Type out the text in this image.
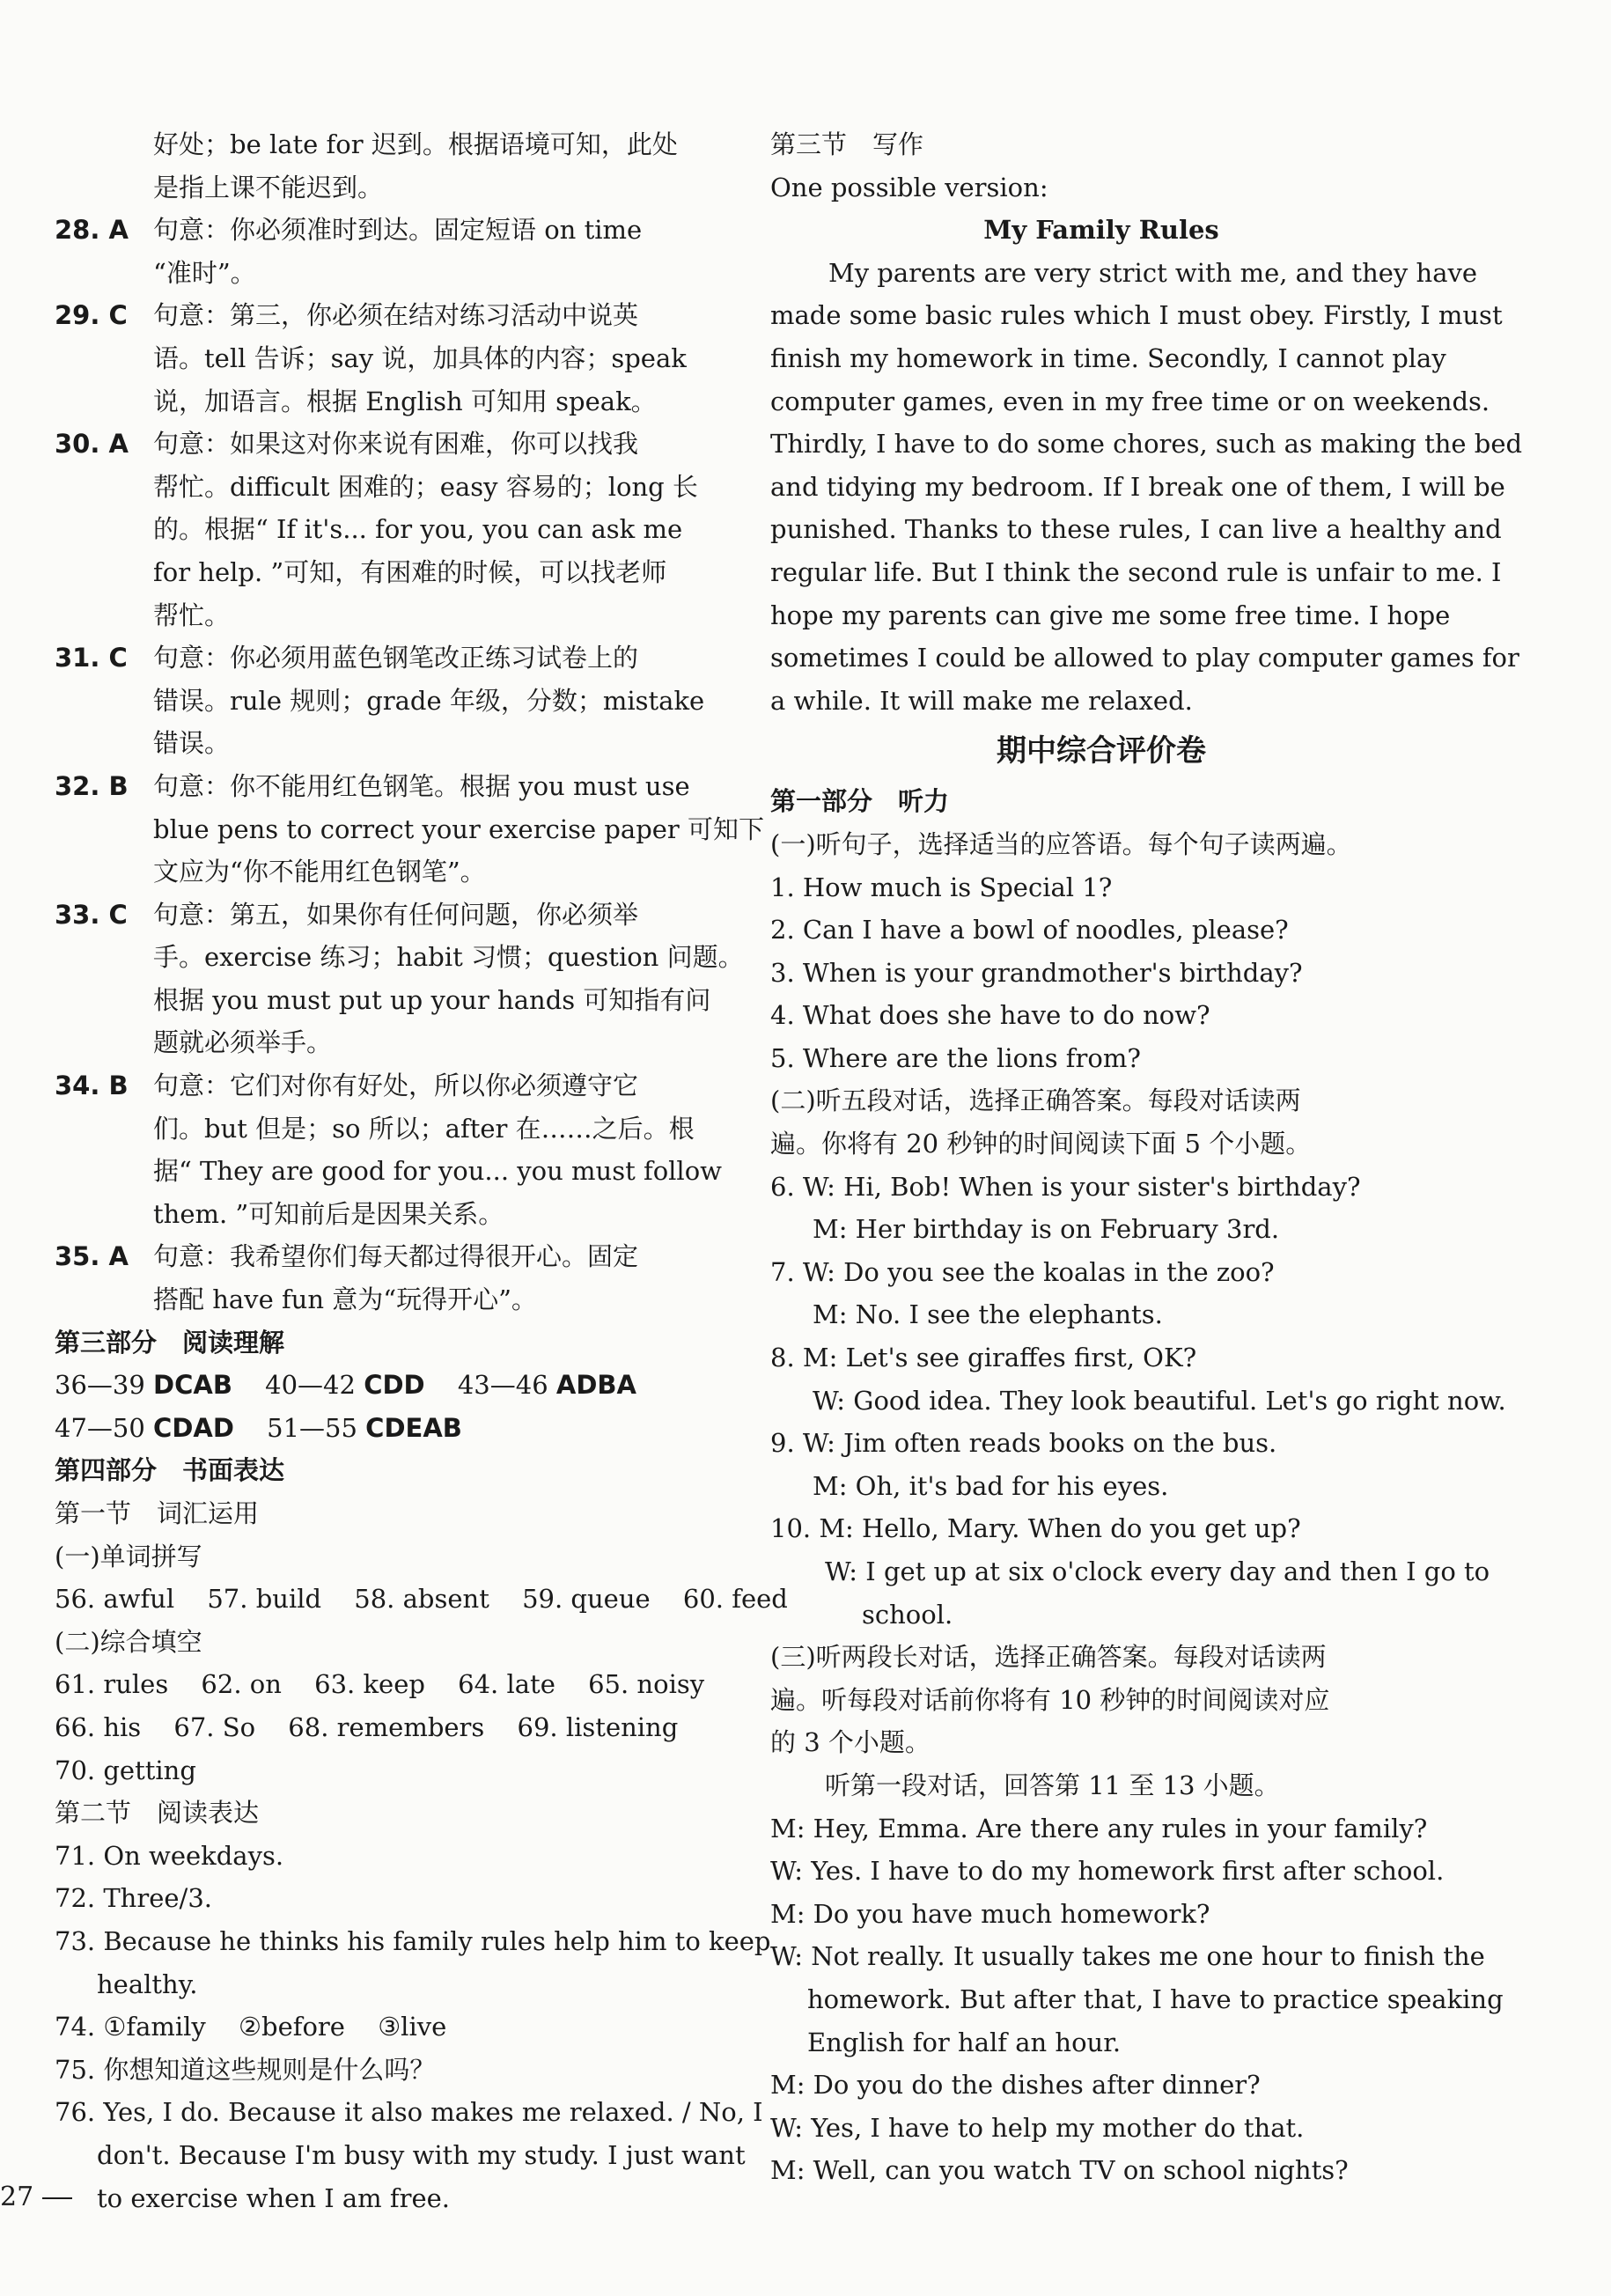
好处；be late for 迟到。根据语境可知，此处
是指上课不能迟到。
28. A 句意：你必须准时到达。固定短语 on time
“准时”。
29. C 句意：第三，你必须在结对练习活动中说英
语。tell 告诉；say 说，加具体的内容；speak
说，加语言。根据 English 可知用 speak。
30. A 句意：如果这对你来说有困难，你可以找我
帮忙。difficult 困难的；easy 容易的；long 长
的。根据“ If it's... for you, you can ask me
for help. ”可知，有困难的时候，可以找老师
帮忙。
31. C 句意：你必须用蓝色钢笔改正练习试卷上的
错误。rule 规则；grade 年级，分数；mistake
错误。
32. B 句意：你不能用红色钢笔。根据 you must use
blue pens to correct your exercise paper 可知下
文应为“你不能用红色钢笔”。
33. C 句意：第五，如果你有任何问题，你必须举
手。exercise 练习；habit 习惯；question 问题。
根据 you must put up your hands 可知指有问
题就必须举手。
34. B 句意：它们对你有好处，所以你必须遵守它
们。but 但是；so 所以；after 在……之后。根
据“ They are good for you... you must follow
them. ”可知前后是因果关系。
35. A 句意：我希望你们每天都过得很开心。固定
搭配 have fun 意为“玩得开心”。
第三部分　阅读理解
36—39 DCAB 40—42 CDD 43—46 ADBA
47—50 CDAD 51—55 CDEAB
第四部分　书面表达
第一节　词汇运用
(一)单词拼写
56. awful 57. build 58. absent 59. queue 60. feed
(二)综合填空
61. rules 62. on 63. keep 64. late 65. noisy
66. his 67. So 68. remembers 69. listening
70. getting
第二节　阅读表达
71. On weekdays.
72. Three/3.
73. Because he thinks his family rules help him to keep
healthy.
74. ①family ②before ③live
75. 你想知道这些规则是什么吗？
76. Yes, I do. Because it also makes me relaxed. / No, I
don't. Because I'm busy with my study. I just want
to exercise when I am free.
第三节　写作
One possible version:
My Family Rules
My parents are very strict with me, and they have
made some basic rules which I must obey. Firstly, I must
finish my homework in time. Secondly, I cannot play
computer games, even in my free time or on weekends.
Thirdly, I have to do some chores, such as making the bed
and tidying my bedroom. If I break one of them, I will be
punished. Thanks to these rules, I can live a healthy and
regular life. But I think the second rule is unfair to me. I
hope my parents can give me some free time. I hope
sometimes I could be allowed to play computer games for
a while. It will make me relaxed.
期中综合评价卷
第一部分　听力
(一)听句子，选择适当的应答语。每个句子读两遍。
1. How much is Special 1?
2. Can I have a bowl of noodles, please?
3. When is your grandmother's birthday?
4. What does she have to do now?
5. Where are the lions from?
(二)听五段对话，选择正确答案。每段对话读两
遍。你将有 20 秒钟的时间阅读下面 5 个小题。
6. W: Hi, Bob! When is your sister's birthday?
M: Her birthday is on February 3rd.
7. W: Do you see the koalas in the zoo?
M: No. I see the elephants.
8. M: Let's see giraffes first, OK?
W: Good idea. They look beautiful. Let's go right now.
9. W: Jim often reads books on the bus.
M: Oh, it's bad for his eyes.
10. M: Hello, Mary. When do you get up?
W: I get up at six o'clock every day and then I go to
school.
(三)听两段长对话，选择正确答案。每段对话读两
遍。听每段对话前你将有 10 秒钟的时间阅读对应
的 3 个小题。
听第一段对话，回答第 11 至 13 小题。
M: Hey, Emma. Are there any rules in your family?
W: Yes. I have to do my homework first after school.
M: Do you have much homework?
W: Not really. It usually takes me one hour to finish the
homework. But after that, I have to practice speaking
English for half an hour.
M: Do you do the dishes after dinner?
W: Yes, I have to help my mother do that.
M: Well, can you watch TV on school nights?
27
